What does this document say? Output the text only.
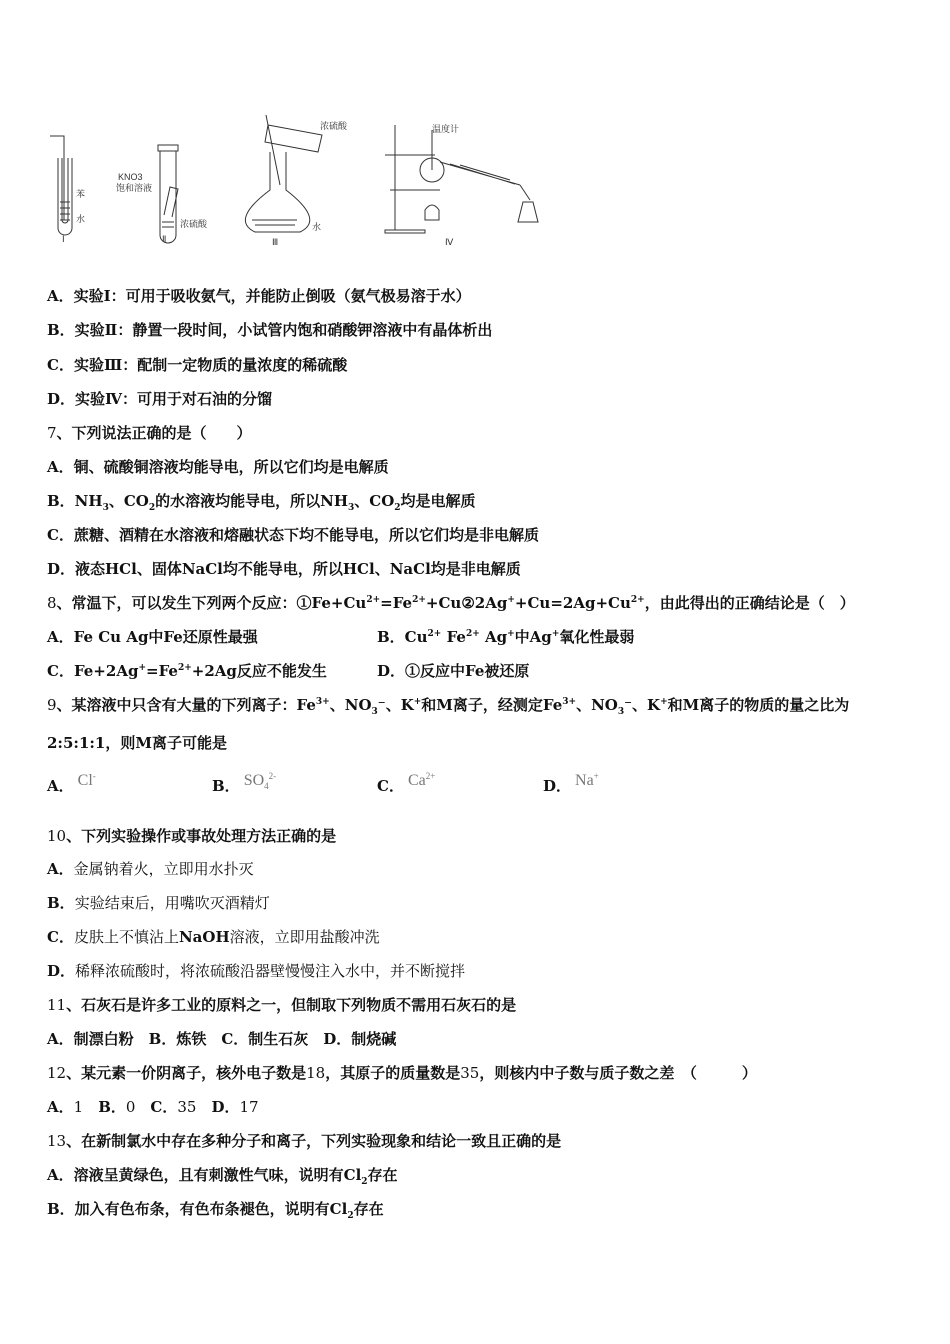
苯
水
KNO3
饱和溶液
浓硫酸
浓硫酸
水
温度计
Ⅰ	Ⅱ	Ⅲ	Ⅳ
A．实验Ⅰ：可用于吸收氨气，并能防止倒吸（氨气极易溶于水）
B．实验Ⅱ：静置一段时间，小试管内饱和硝酸钾溶液中有晶体析出
C．实验Ⅲ：配制一定物质的量浓度的稀硫酸
D．实验Ⅳ：可用于对石油的分馏
7、下列说法正确的是（　　）
A．铜、硫酸铜溶液均能导电，所以它们均是电解质
B．$NH_3$、$CO_2$的水溶液均能导电，所以$NH_3$、$CO_2$均是电解质
C．蔗糖、酒精在水溶液和熔融状态下均不能导电，所以它们均是非电解质
D．液态HCl、固体NaCl均不能导电，所以HCl、NaCl均是非电解质
8、常温下，可以发生下列两个反应：$①Fe+Cu^{2+}=Fe^{2+}+Cu②2Ag^++Cu=2Ag+Cu^{2+}$，由此得出的正确结论是（　）
A．Fe Cu Ag中Fe还原性最强	B．$Cu^{2+}$ $Fe^{2+}$ Ag+中Ag+氧化性最弱
C．$Fe+2Ag^+=Fe^{2+}+2Ag$反应不能发生	D．①反应中Fe被还原
9、某溶液中只含有大量的下列离子：$Fe^{3+}$、$NO_3^-$、K+和M离子，经测定$Fe^{3+}$、$NO_3^-$、K+和M离子的物质的量之比为
2:5:1:1，则M离子可能是
A． Cl-
B． $SO_4^{2-}$
C． $Ca^{2+}$
D． Na+
10、下列实验操作或事故处理方法正确的是
A．金属钠着火，立即用水扑灭
B．实验结束后，用嘴吹灭酒精灯
C．皮肤上不慎沾上NaOH溶液，立即用盐酸冲洗
D．稀释浓硫酸时，将浓硫酸沿器壁慢慢注入水中，并不断搅拌
11、石灰石是许多工业的原料之一，但制取下列物质不需用石灰石的是
A．制漂白粉　B．炼铁　C．制生石灰　D．制烧碱
12、某元素一价阴离子，核外电子数是18，其原子的质量数是35，则核内中子数与质子数之差　（　　　）
A．1　B．0　C．35　D．17
13、在新制氯水中存在多种分子和离子，下列实验现象和结论一致且正确的是
A．溶液呈黄绿色，且有刺激性气味，说明有$Cl_2$存在
B．加入有色布条，有色布条褪色，说明有$Cl_2$存在
